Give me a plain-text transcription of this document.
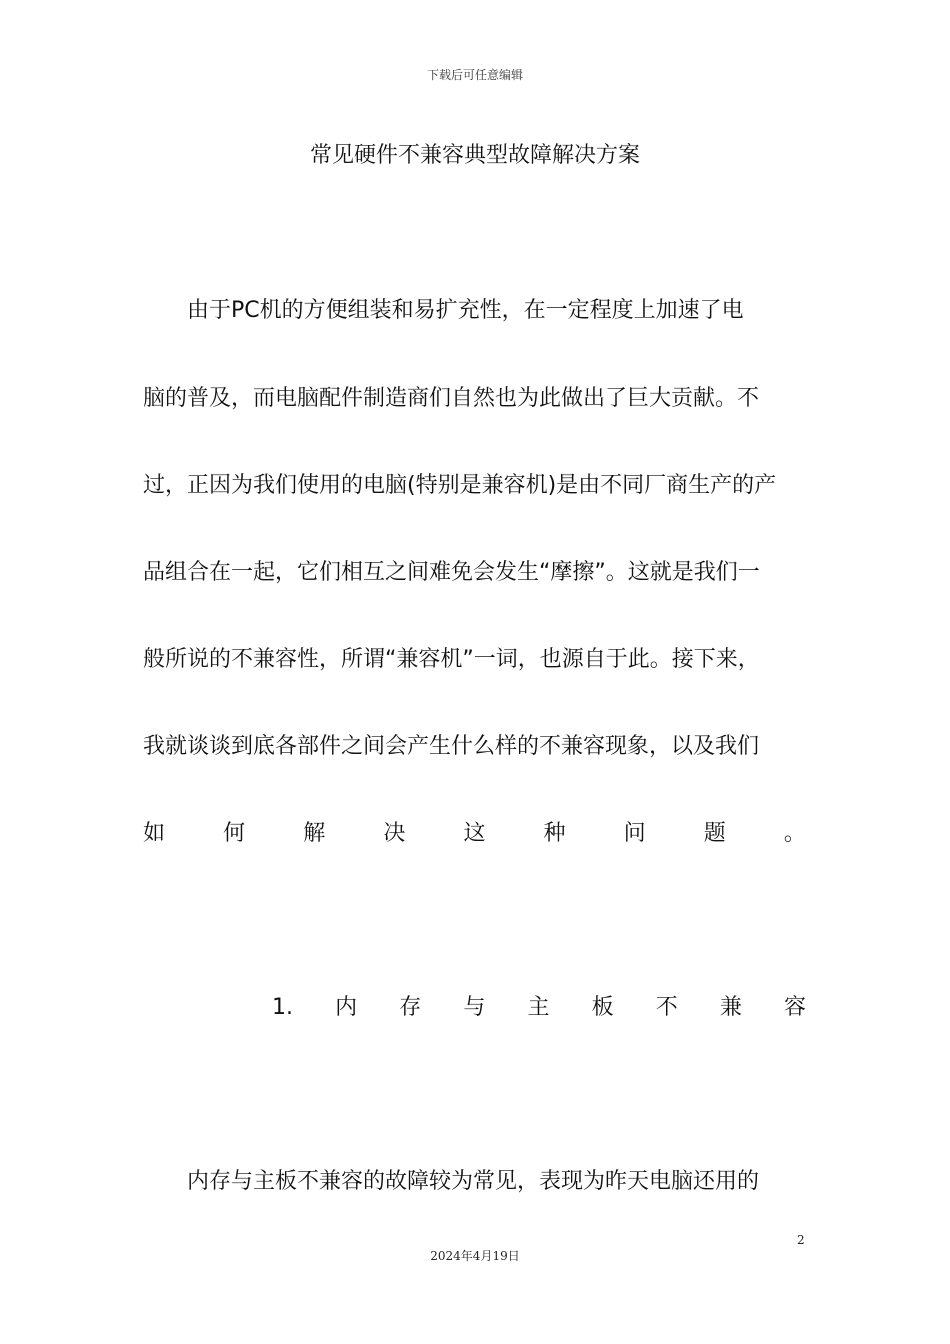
下载后可任意编辑
常见硬件不兼容典型故障解决方案
　　由于PC机的方便组装和易扩充性，在一定程度上加速了电
脑的普及，而电脑配件制造商们自然也为此做出了巨大贡献。不
过，正因为我们使用的电脑(特别是兼容机)是由不同厂商生产的产
品组合在一起，它们相互之间难免会发生“摩擦”。这就是我们一
般所说的不兼容性，所谓“兼容机”一词，也源自于此。接下来，
我就谈谈到底各部件之间会产生什么样的不兼容现象，以及我们
如	何	解	决	这	种	问	题	。
1. 内 存 与 主 板 不 兼 容
　　内存与主板不兼容的故障较为常见，表现为昨天电脑还用的
2
2024年4月19日
